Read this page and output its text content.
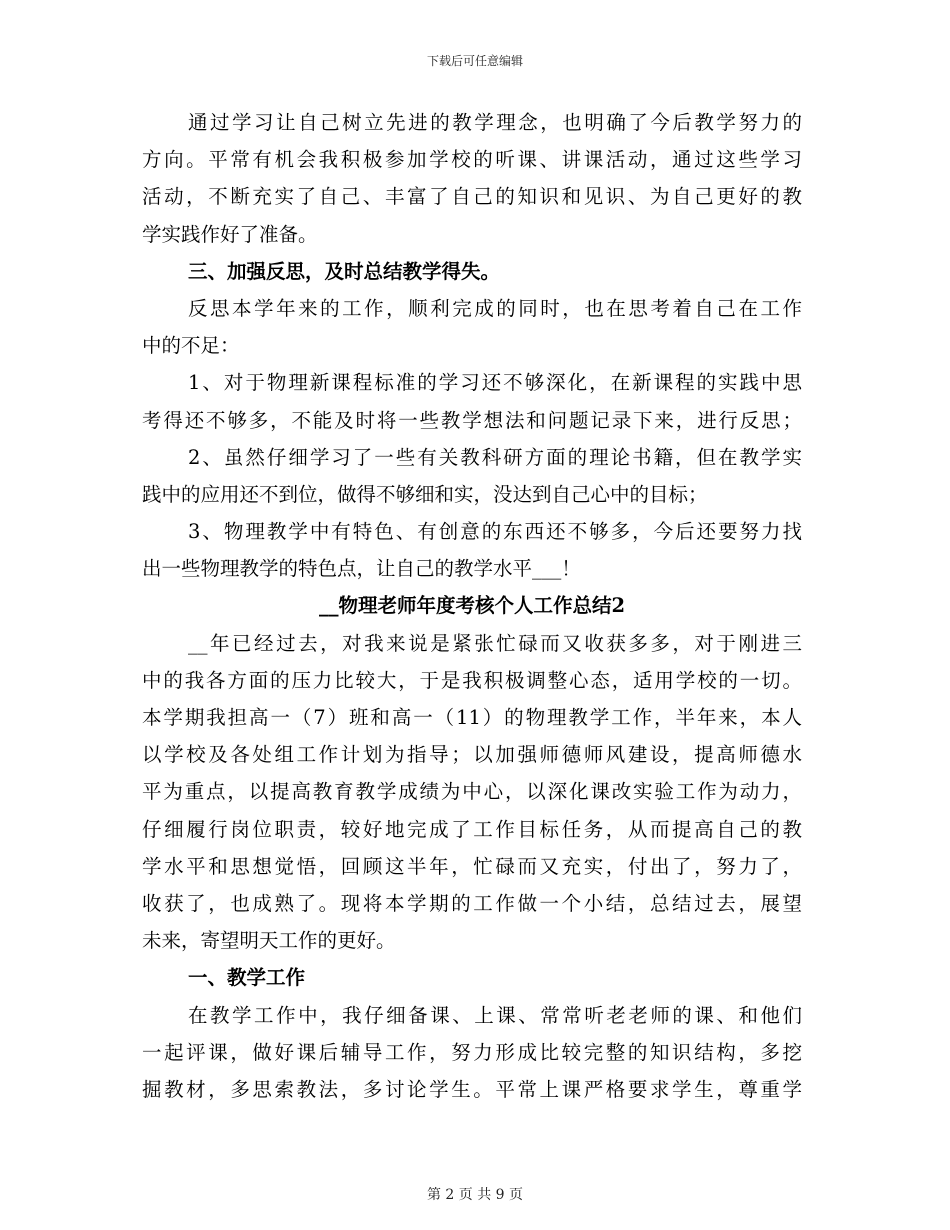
下载后可任意编辑
通过学习让自己树立先进的教学理念，也明确了今后教学努力的
方向。平常有机会我积极参加学校的听课、讲课活动，通过这些学习
活动，不断充实了自己、丰富了自己的知识和见识、为自己更好的教
学实践作好了准备。
三、加强反思，及时总结教学得失。
反思本学年来的工作，顺利完成的同时，也在思考着自己在工作
中的不足：
1、对于物理新课程标准的学习还不够深化，在新课程的实践中思
考得还不够多，不能及时将一些教学想法和问题记录下来，进行反思；
2、虽然仔细学习了一些有关教科研方面的理论书籍，但在教学实
践中的应用还不到位，做得不够细和实，没达到自己心中的目标；
3、物理教学中有特色、有创意的东西还不够多，今后还要努力找
出一些物理教学的特色点，让自己的教学水平___！
__物理老师年度考核个人工作总结2
__年已经过去，对我来说是紧张忙碌而又收获多多，对于刚进三
中的我各方面的压力比较大，于是我积极调整心态，适用学校的一切。
本学期我担高一（7）班和高一（11）的物理教学工作，半年来，本人
以学校及各处组工作计划为指导；以加强师德师风建设，提高师德水
平为重点，以提高教育教学成绩为中心，以深化课改实验工作为动力，
仔细履行岗位职责，较好地完成了工作目标任务，从而提高自己的教
学水平和思想觉悟，回顾这半年，忙碌而又充实，付出了，努力了，
收获了，也成熟了。现将本学期的工作做一个小结，总结过去，展望
未来，寄望明天工作的更好。
一、教学工作
在教学工作中，我仔细备课、上课、常常听老老师的课、和他们
一起评课，做好课后辅导工作，努力形成比较完整的知识结构，多挖
掘教材，多思索教法，多讨论学生。平常上课严格要求学生，尊重学
第 2 页 共 9 页
